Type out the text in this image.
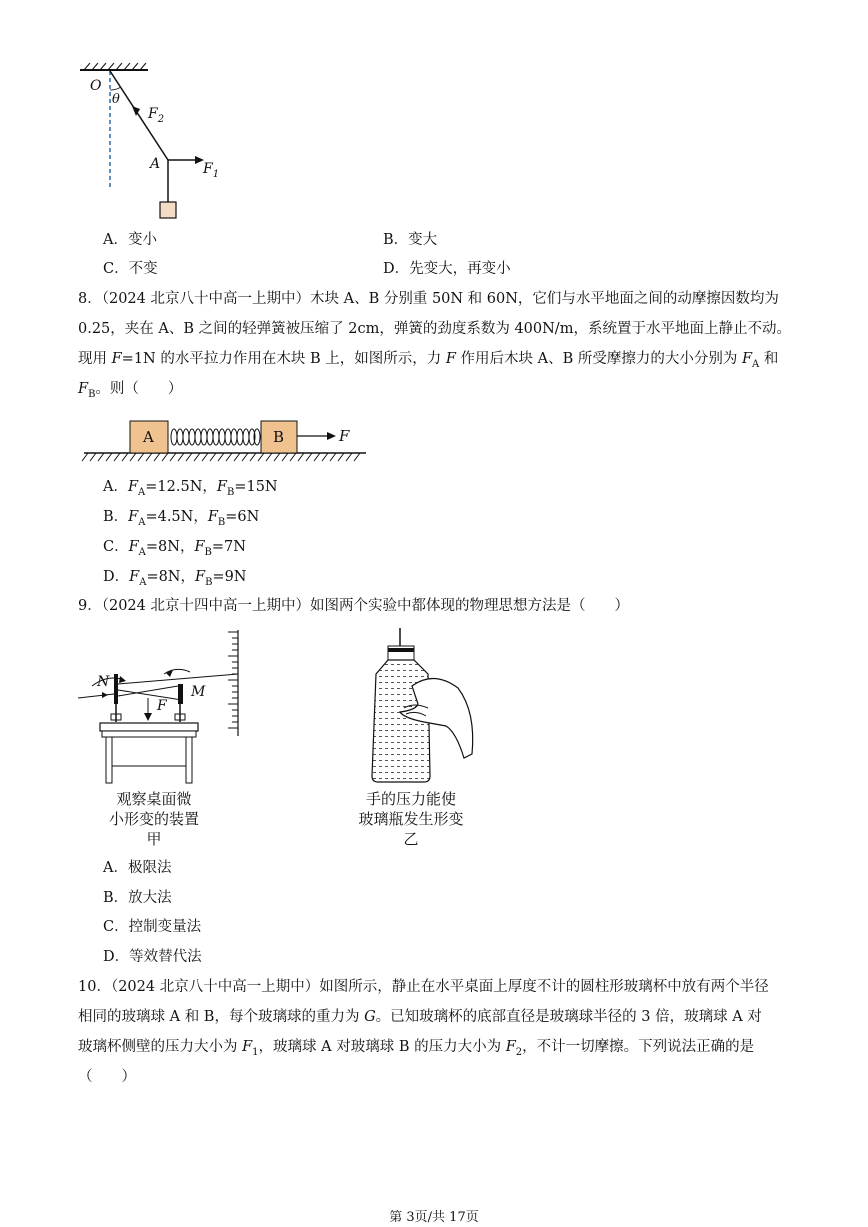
O
θ
$F_2$
A	$F_1$
A．变小	B．变大
C．不变	D．先变大，再变小
8．（2024 北京八十中高一上期中）木块 A、B 分别重 50N 和 60N，它们与水平地面之间的动摩擦因数均为
0.25，夹在 A、B 之间的轻弹簧被压缩了 2cm，弹簧的劲度系数为 400N/m，系统置于水平地面上静止不动。
现用 F=1N 的水平拉力作用在木块 B 上，如图所示，力 F 作用后木块 A、B 所受摩擦力的大小分别为 $F_A$ 和
$F_B$。则（　　）
A	B	F
A．$F_A=12.5N$，$F_B=15N$
B．$F_A=4.5N$，$F_B=6N$
C．$F_A=8N$，$F_B=7N$
D．$F_A=8N$，$F_B=9N$
9．（2024 北京十四中高一上期中）如图两个实验中都体现的物理思想方法是（　　）
N
M
F
观察桌面微
小形变的装置
甲
手的压力能使
玻璃瓶发生形变
乙
A．极限法
B．放大法
C．控制变量法
D．等效替代法
10．（2024 北京八十中高一上期中）如图所示，静止在水平桌面上厚度不计的圆柱形玻璃杯中放有两个半径
相同的玻璃球 A 和 B，每个玻璃球的重力为 G。已知玻璃杯的底部直径是玻璃球半径的 3 倍，玻璃球 A 对
玻璃杯侧壁的压力大小为 $F_1$，玻璃球 A 对玻璃球 B 的压力大小为 $F_2$，不计一切摩擦。下列说法正确的是
（　　）
第 3页/共 17页
